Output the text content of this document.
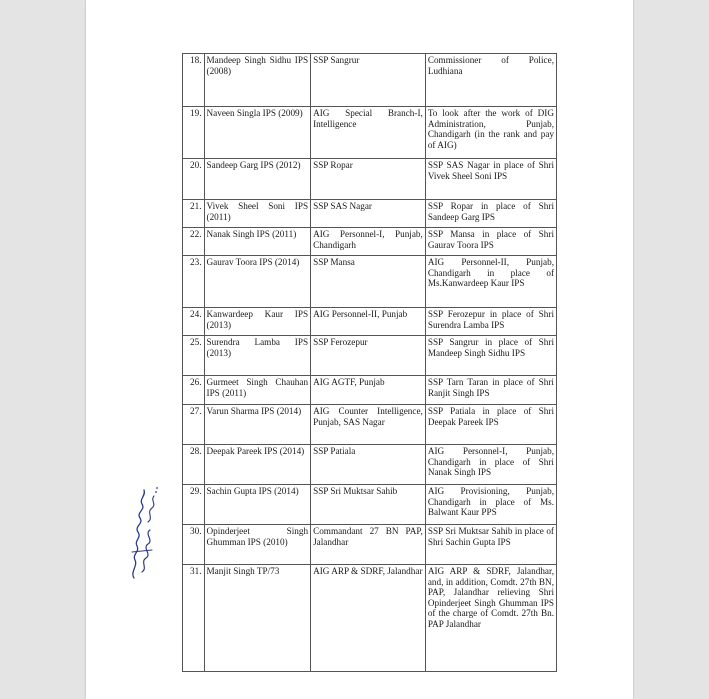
18.	Mandeep Singh Sidhu IPS (2008)	SSP Sangrur	Commissioner of Police, Ludhiana
19.	Naveen Singla IPS (2009)	AIG Special Branch-I, Intelligence	To look after the work of DIG Administration, Punjab, Chandigarh (in the rank and pay of AIG)
20.	Sandeep Garg IPS (2012)	SSP Ropar	SSP SAS Nagar in place of Shri Vivek Sheel Soni IPS
21.	Vivek Sheel Soni IPS (2011)	SSP SAS Nagar	SSP Ropar in place of Shri Sandeep Garg IPS
22.	Nanak Singh IPS (2011)	AIG Personnel-I, Punjab, Chandigarh	SSP Mansa in place of Shri Gaurav Toora IPS
23.	Gaurav Toora IPS (2014)	SSP Mansa	AIG Personnel-II, Punjab, Chandigarh in place of Ms.Kanwardeep Kaur IPS
24.	Kanwardeep Kaur IPS (2013)	AIG Personnel-II, Punjab	SSP Ferozepur in place of Shri Surendra Lamba IPS
25.	Surendra Lamba IPS (2013)	SSP Ferozepur	SSP Sangrur in place of Shri Mandeep Singh Sidhu IPS
26.	Gurmeet Singh Chauhan IPS (2011)	AIG AGTF, Punjab	SSP Tarn Taran in place of Shri Ranjit Singh IPS
27.	Varun Sharma IPS (2014)	AIG Counter Intelligence, Punjab, SAS Nagar	SSP Patiala in place of Shri Deepak Pareek IPS
28.	Deepak Pareek IPS (2014)	SSP Patiala	AIG Personnel-I, Punjab, Chandigarh in place of Shri Nanak Singh IPS
29.	Sachin Gupta IPS (2014)	SSP Sri Muktsar Sahib	AIG Provisioning, Punjab, Chandigarh in place of Ms. Balwant Kaur PPS
30.	Opinderjeet Singh Ghumman IPS (2010)	Commandant 27 BN PAP, Jalandhar	SSP Sri Muktsar Sahib in place of Shri Sachin Gupta IPS
31.	Manjit Singh TP/73	AIG ARP & SDRF, Jalandhar	AIG ARP & SDRF, Jalandhar, and, in addition, Comdt. 27th BN, PAP, Jalandhar relieving Shri Opinderjeet Singh Ghumman IPS of the charge of Comdt. 27th Bn. PAP Jalandhar
